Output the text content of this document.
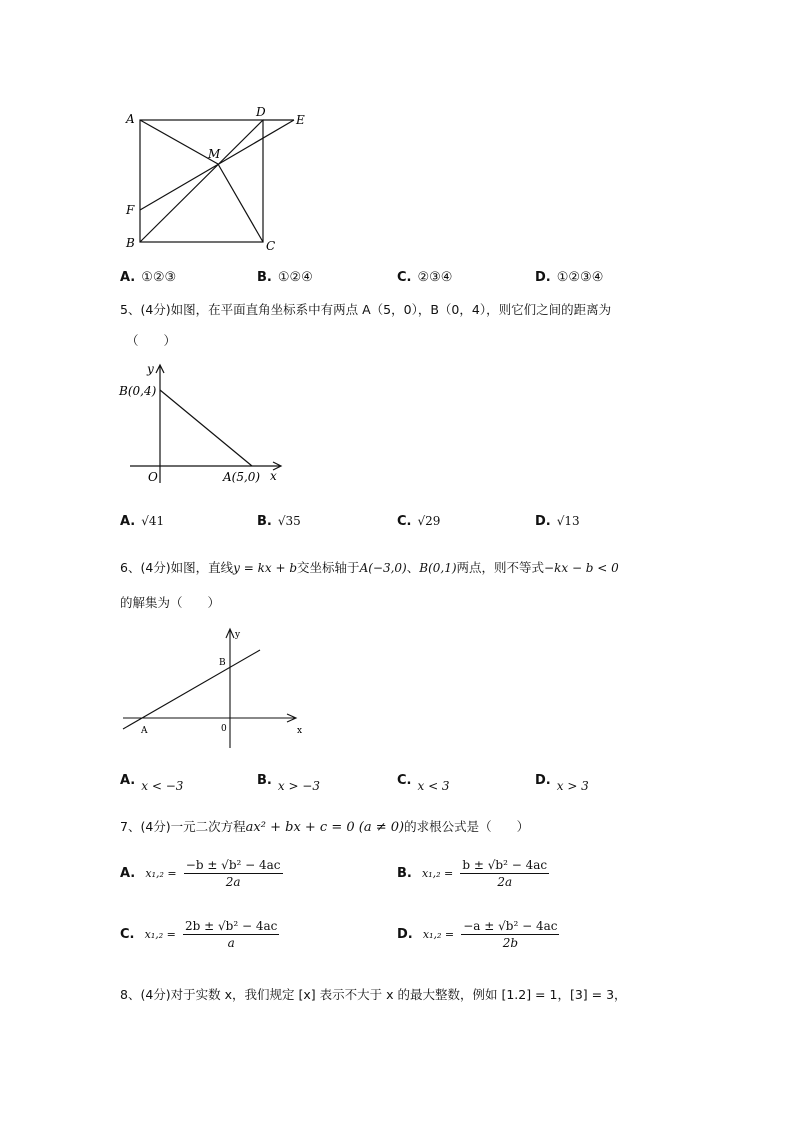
A	D
E
M
F
B	C
A. ①②③	B. ①②④	C. ②③④	D. ①②③④
5、(4分)如图，在平面直角坐标系中有两点 A（5，0），B（0，4），则它们之间的距离为
（　　）
y
x
O
B(0,4)
A(5,0)
A. √41	B. √35	C. √29	D. √13
6、(4分)如图，直线y = kx + b交坐标轴于A(−3,0)、B(0,1)两点，则不等式−kx − b < 0
的解集为（　　）
y
x
B
A	0
A. x < −3	B. x > −3	C. x < 3	D. x > 3
7、(4分)一元二次方程ax² + bx + c = 0 (a ≠ 0)的求根公式是（　　）
A. $x_1,_2 = \frac{\text{−b ± √b² − 4ac}}{2a}$	B. $x_1,_2 = \frac{\text{b ± √b² − 4ac}}{2a}$
C. $x_1,_2 = \frac{\text{2b ± √b² − 4ac}}{a}$	D. $x_1,_2 = \frac{\text{−a ± √b² − 4ac}}{2b}$
8、(4分)对于实数 x，我们规定 [x] 表示不大于 x 的最大整数，例如 [1.2] = 1，[3] = 3，
